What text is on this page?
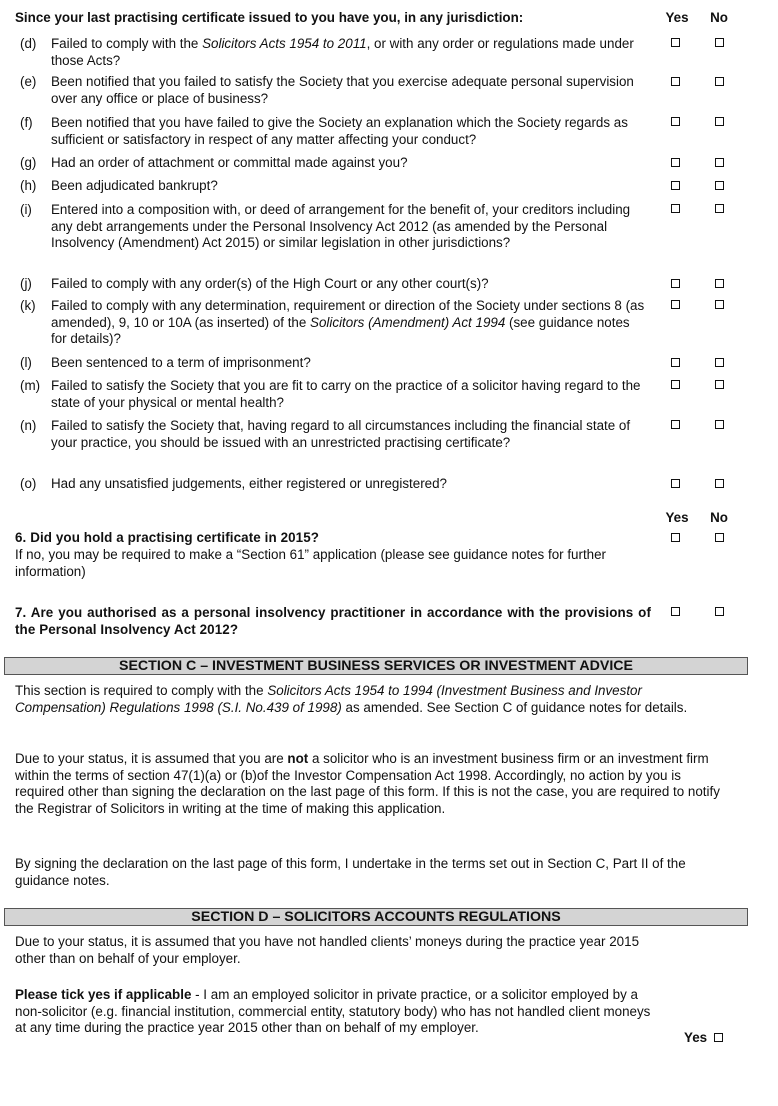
Since your last practising certificate issued to you have you, in any jurisdiction:	Yes	No
(d)	Failed to comply with the Solicitors Acts 1954 to 2011, or with any order or regulations made under those Acts?
(e)	Been notified that you failed to satisfy the Society that you exercise adequate personal supervision over any office or place of business?
(f)	Been notified that you have failed to give the Society an explanation which the Society regards as sufficient or satisfactory in respect of any matter affecting your conduct?
(g)	Had an order of attachment or committal made against you?
(h)	Been adjudicated bankrupt?
(i)	Entered into a composition with, or deed of arrangement for the benefit of, your creditors including any debt arrangements under the Personal Insolvency Act 2012 (as amended by the Personal Insolvency (Amendment) Act 2015) or similar legislation in other jurisdictions?
(j)	Failed to comply with any order(s) of the High Court or any other court(s)?
(k)	Failed to comply with any determination, requirement or direction of the Society under sections 8 (as amended), 9, 10 or 10A (as inserted) of the Solicitors (Amendment) Act 1994 (see guidance notes for details)?
(l)	Been sentenced to a term of imprisonment?
(m) Failed to satisfy the Society that you are fit to carry on the practice of a solicitor having regard to the state of your physical or mental health?
(n)	Failed to satisfy the Society that, having regard to all circumstances including the financial state of your practice, you should be issued with an unrestricted practising certificate?
(o)	Had any unsatisfied judgements, either registered or unregistered?
Yes	No
6. Did you hold a practising certificate in 2015?
If no, you may be required to make a “Section 61” application (please see guidance notes for further information)
7. Are you authorised as a personal insolvency practitioner in accordance with the provisions of the Personal Insolvency Act 2012?
SECTION C – INVESTMENT BUSINESS SERVICES OR INVESTMENT ADVICE
This section is required to comply with the Solicitors Acts 1954 to 1994 (Investment Business and Investor Compensation) Regulations 1998 (S.I. No.439 of 1998) as amended. See Section C of guidance notes for details.
Due to your status, it is assumed that you are not a solicitor who is an investment business firm or an investment firm within the terms of section 47(1)(a) or (b)of the Investor Compensation Act 1998. Accordingly, no action by you is required other than signing the declaration on the last page of this form. If this is not the case, you are required to notify the Registrar of Solicitors in writing at the time of making this application.
By signing the declaration on the last page of this form, I undertake in the terms set out in Section C, Part II of the guidance notes.
SECTION D – SOLICITORS ACCOUNTS REGULATIONS
Due to your status, it is assumed that you have not handled clients’ moneys during the practice year 2015 other than on behalf of your employer.
Please tick yes if applicable - I am an employed solicitor in private practice, or a solicitor employed by a non-solicitor (e.g. financial institution, commercial entity, statutory body) who has not handled client moneys at any time during the practice year 2015 other than on behalf of my employer.
Yes
